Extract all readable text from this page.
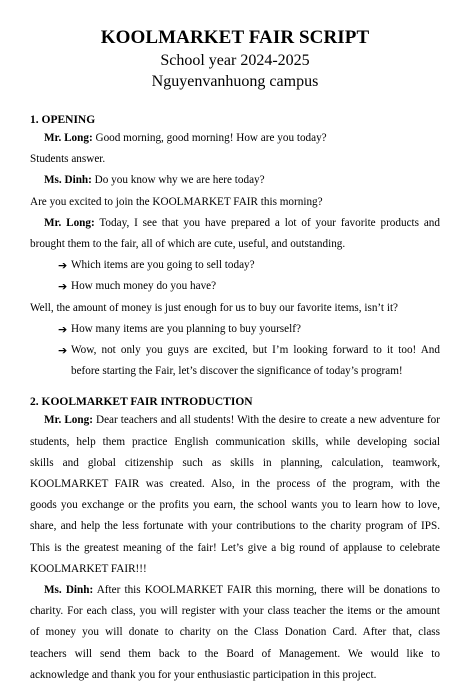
KOOLMARKET FAIR SCRIPT

School year 2024-2025

Nguyenvanhuong campus

1. OPENING

Mr. Long: Good morning, good morning! How are you today?

Students answer.

Ms. Dinh: Do you know why we are here today?

Are you excited to join the KOOLMARKET FAIR this morning?

Mr. Long: Today, I see that you have prepared a lot of your favorite products and

brought them to the fair, all of which are cute, useful, and outstanding.

➔ Which items are you going to sell today?
➔ How much money do you have?

Well, the amount of money is just enough for us to buy our favorite items, isn’t it?

➔ How many items are you planning to buy yourself?
➔ Wow, not only you guys are excited, but I’m looking forward to it too! And

before starting the Fair, let’s discover the significance of today’s program!

2. KOOLMARKET FAIR INTRODUCTION

Mr. Long: Dear teachers and all students! With the desire to create a new adventure for

students, help them practice English communication skills, while developing social

skills and global citizenship such as skills in planning, calculation, teamwork,

KOOLMARKET FAIR was created. Also, in the process of the program, with the

goods you exchange or the profits you earn, the school wants you to learn how to love,

share, and help the less fortunate with your contributions to the charity program of IPS.

This is the greatest meaning of the fair! Let’s give a big round of applause to celebrate

KOOLMARKET FAIR!!!

Ms. Dinh: After this KOOLMARKET FAIR this morning, there will be donations to

charity. For each class, you will register with your class teacher the items or the amount

of money you will donate to charity on the Class Donation Card. After that, class

teachers will send them back to the Board of Management. We would like to

acknowledge and thank you for your enthusiastic participation in this project.
